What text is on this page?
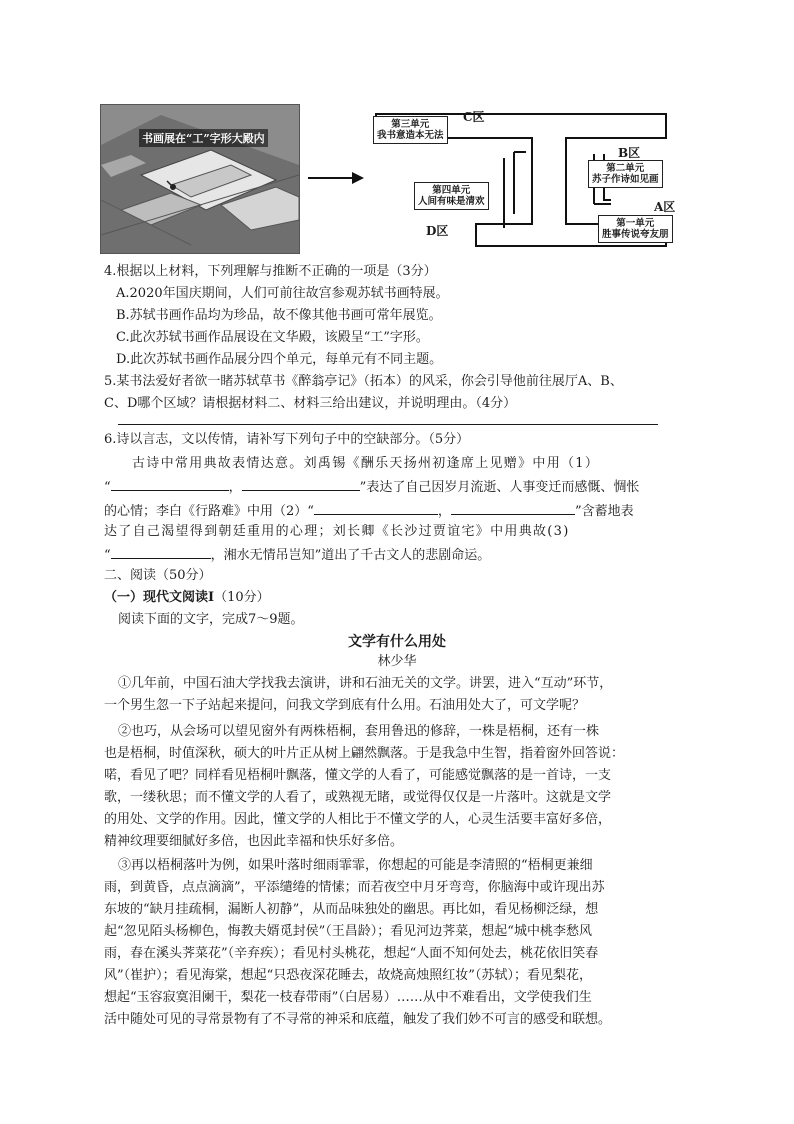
书画展在“工”字形大殿内
第三单元
我书意造本无法
C区
B区
第二单元
苏子作诗如见画
第四单元
人间有味是清欢
D区
A区
第一单元
胜事传说夸友朋
4.根据以上材料，下列理解与推断不正确的一项是（3分）
A.2020年国庆期间，人们可前往故宫参观苏轼书画特展。
B.苏轼书画作品均为珍品，故不像其他书画可常年展览。
C.此次苏轼书画作品展设在文华殿，该殿呈“工”字形。
D.此次苏轼书画作品展分四个单元，每单元有不同主题。
5.某书法爱好者欲一睹苏轼草书《醉翁亭记》（拓本）的风采，你会引导他前往展厅A、B、
C、D哪个区域？请根据材料二、材料三给出建议，并说明理由。（4分）
6.诗以言志，文以传情，请补写下列句子中的空缺部分。（5分）
古诗中常用典故表情达意。刘禹锡《酬乐天扬州初逢席上见赠》中用（1）
“	，	”表达了自己因岁月流逝、人事变迁而感慨、惆怅
的心情；李白《行路难》中用（2）“	，	”含蓄地表
达了自己渴望得到朝廷重用的心理；刘长卿《长沙过贾谊宅》中用典故(3)
“	，湘水无情吊岂知”道出了千古文人的悲剧命运。
二、阅读（50分）
（一）现代文阅读Ⅰ（10分）
阅读下面的文字，完成7～9题。
文学有什么用处
林少华
①几年前，中国石油大学找我去演讲，讲和石油无关的文学。讲罢，进入“互动”环节，
一个男生忽一下子站起来提问，问我文学到底有什么用。石油用处大了，可文学呢？
②也巧，从会场可以望见窗外有两株梧桐，套用鲁迅的修辞，一株是梧桐，还有一株
也是梧桐，时值深秋，硕大的叶片正从树上翩然飘落。于是我急中生智，指着窗外回答说：
喏，看见了吧？同样看见梧桐叶飘落，懂文学的人看了，可能感觉飘落的是一首诗，一支
歌，一缕秋思；而不懂文学的人看了，或熟视无睹，或觉得仅仅是一片落叶。这就是文学
的用处、文学的作用。因此，懂文学的人相比于不懂文学的人，心灵生活要丰富好多倍，
精神纹理要细腻好多倍，也因此幸福和快乐好多倍。
③再以梧桐落叶为例，如果叶落时细雨霏霏，你想起的可能是李清照的“梧桐更兼细
雨，到黄昏，点点滴滴”，平添缱绻的情愫；而若夜空中月牙弯弯，你脑海中或许现出苏
东坡的“缺月挂疏桐，漏断人初静”，从而品味独处的幽思。再比如，看见杨柳泛绿，想
起“忽见陌头杨柳色，悔教夫婿觅封侯”（王昌龄）；看见河边荠菜，想起“城中桃李愁风
雨，春在溪头荠菜花”（辛弃疾）；看见村头桃花，想起“人面不知何处去，桃花依旧笑春
风”（崔护）；看见海棠，想起“只恐夜深花睡去，故烧高烛照红妆”（苏轼）；看见梨花，
想起“玉容寂寞泪阑干，梨花一枝春带雨”（白居易）……从中不难看出，文学使我们生
活中随处可见的寻常景物有了不寻常的神采和底蕴，触发了我们妙不可言的感受和联想。
